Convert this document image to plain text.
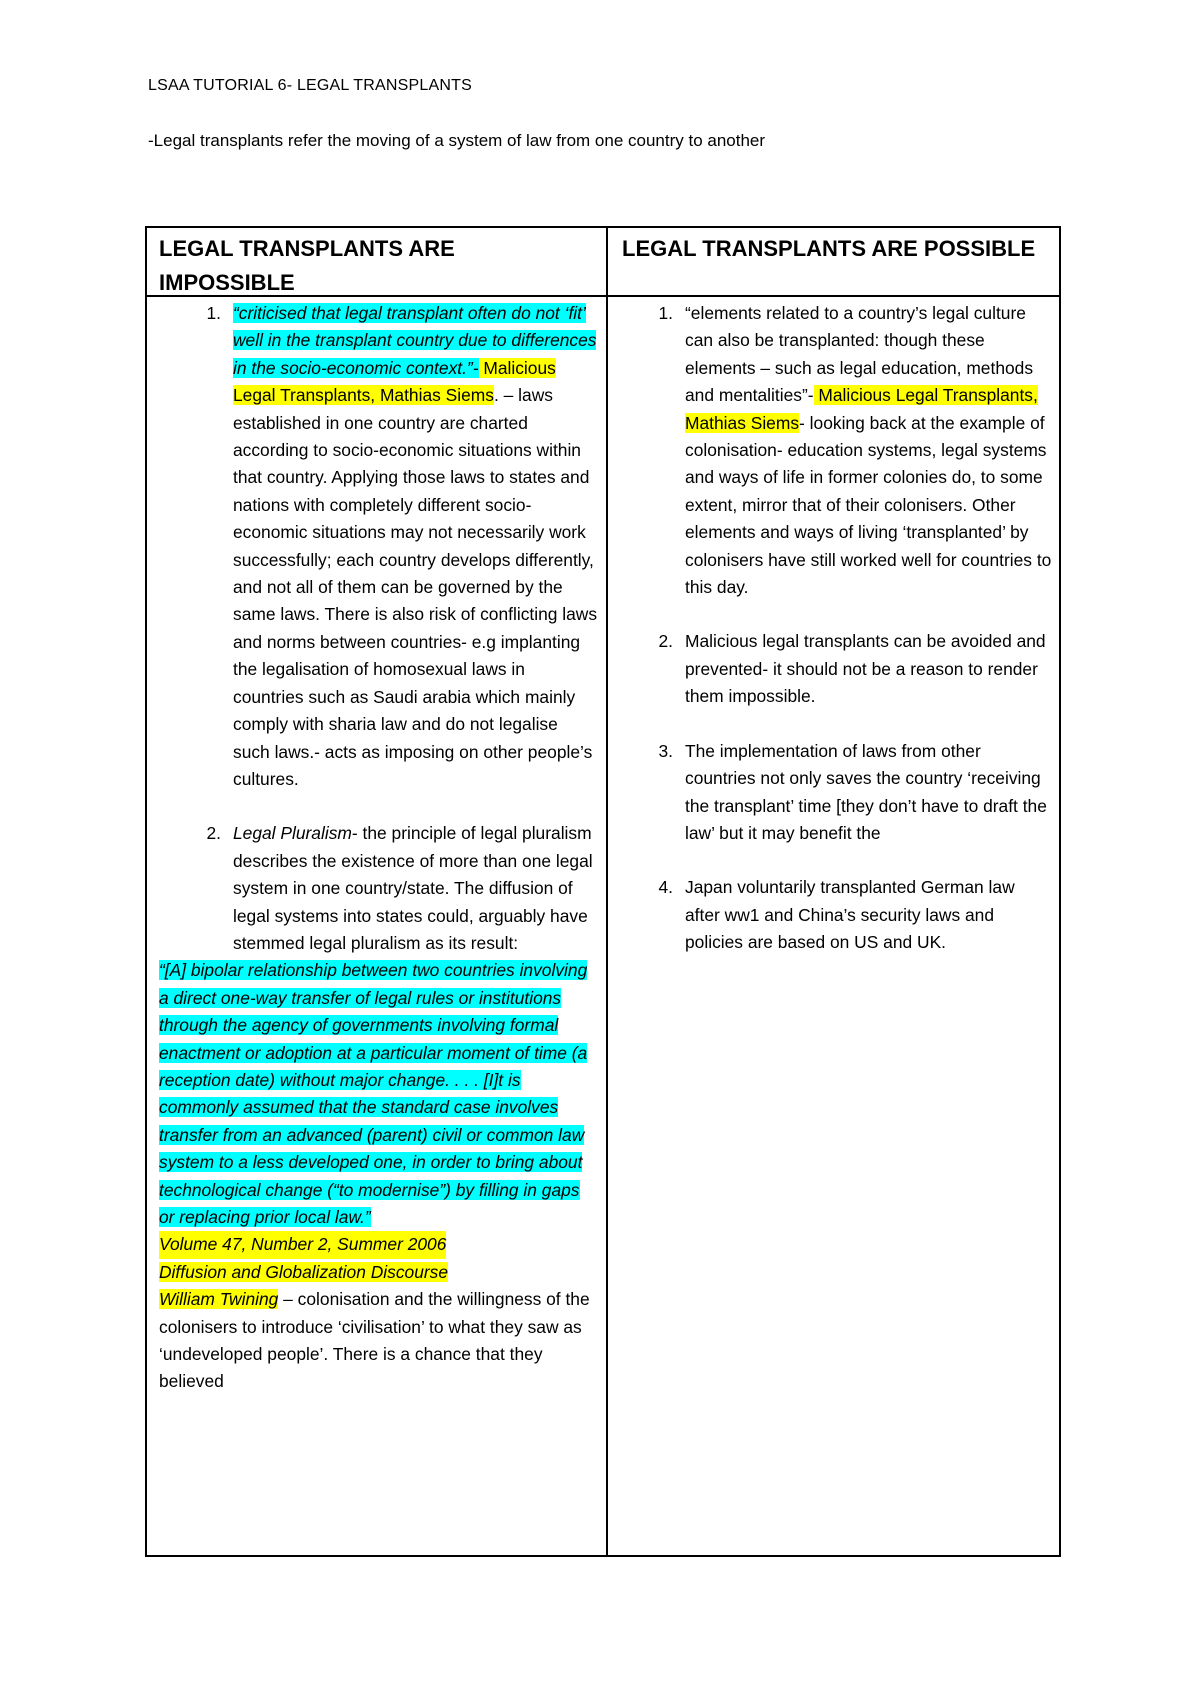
LSAA TUTORIAL 6- LEGAL TRANSPLANTS
-Legal transplants refer the moving of a system of law from one country to another
LEGAL TRANSPLANTS ARE
IMPOSSIBLE
LEGAL TRANSPLANTS ARE POSSIBLE
1. “criticised that legal transplant often do not ‘fit’ well in the transplant country due to differences in the socio-economic context.”- Malicious Legal Transplants, Mathias Siems. – laws established in one country are charted according to socio-economic situations within that country. Applying those laws to states and nations with completely different socio-economic situations may not necessarily work successfully; each country develops differently, and not all of them can be governed by the same laws. There is also risk of conflicting laws and norms between countries- e.g implanting the legalisation of homosexual laws in countries such as Saudi arabia which mainly comply with sharia law and do not legalise such laws.- acts as imposing on other people’s cultures.
2. Legal Pluralism- the principle of legal pluralism describes the existence of more than one legal system in one country/state. The diffusion of legal systems into states could, arguably have stemmed legal pluralism as its result:
“[A] bipolar relationship between two countries involving a direct one-way transfer of legal rules or institutions through the agency of governments involving formal enactment or adoption at a particular moment of time (a reception date) without major change. . . . [I]t is commonly assumed that the standard case involves transfer from an advanced (parent) civil or common law system to a less developed one, in order to bring about technological change (“to modernise”) by filling in gaps or replacing prior local law.” Volume 47, Number 2, Summer 2006
Diffusion and Globalization Discourse
William Twining – colonisation and the willingness of the colonisers to introduce ‘civilisation’ to what they saw as ‘undeveloped people’. There is a chance that they believed
1. “elements related to a country’s legal culture can also be transplanted: though these elements – such as legal education, methods and mentalities”- Malicious Legal Transplants, Mathias Siems- looking back at the example of colonisation- education systems, legal systems and ways of life in former colonies do, to some extent, mirror that of their colonisers. Other elements and ways of living ‘transplanted’ by colonisers have still worked well for countries to this day.
2. Malicious legal transplants can be avoided and prevented- it should not be a reason to render them impossible.
3. The implementation of laws from other countries not only saves the country ‘receiving the transplant’ time [they don’t have to draft the law’ but it may benefit the
4. Japan voluntarily transplanted German law after ww1 and China’s security laws and policies are based on US and UK.
